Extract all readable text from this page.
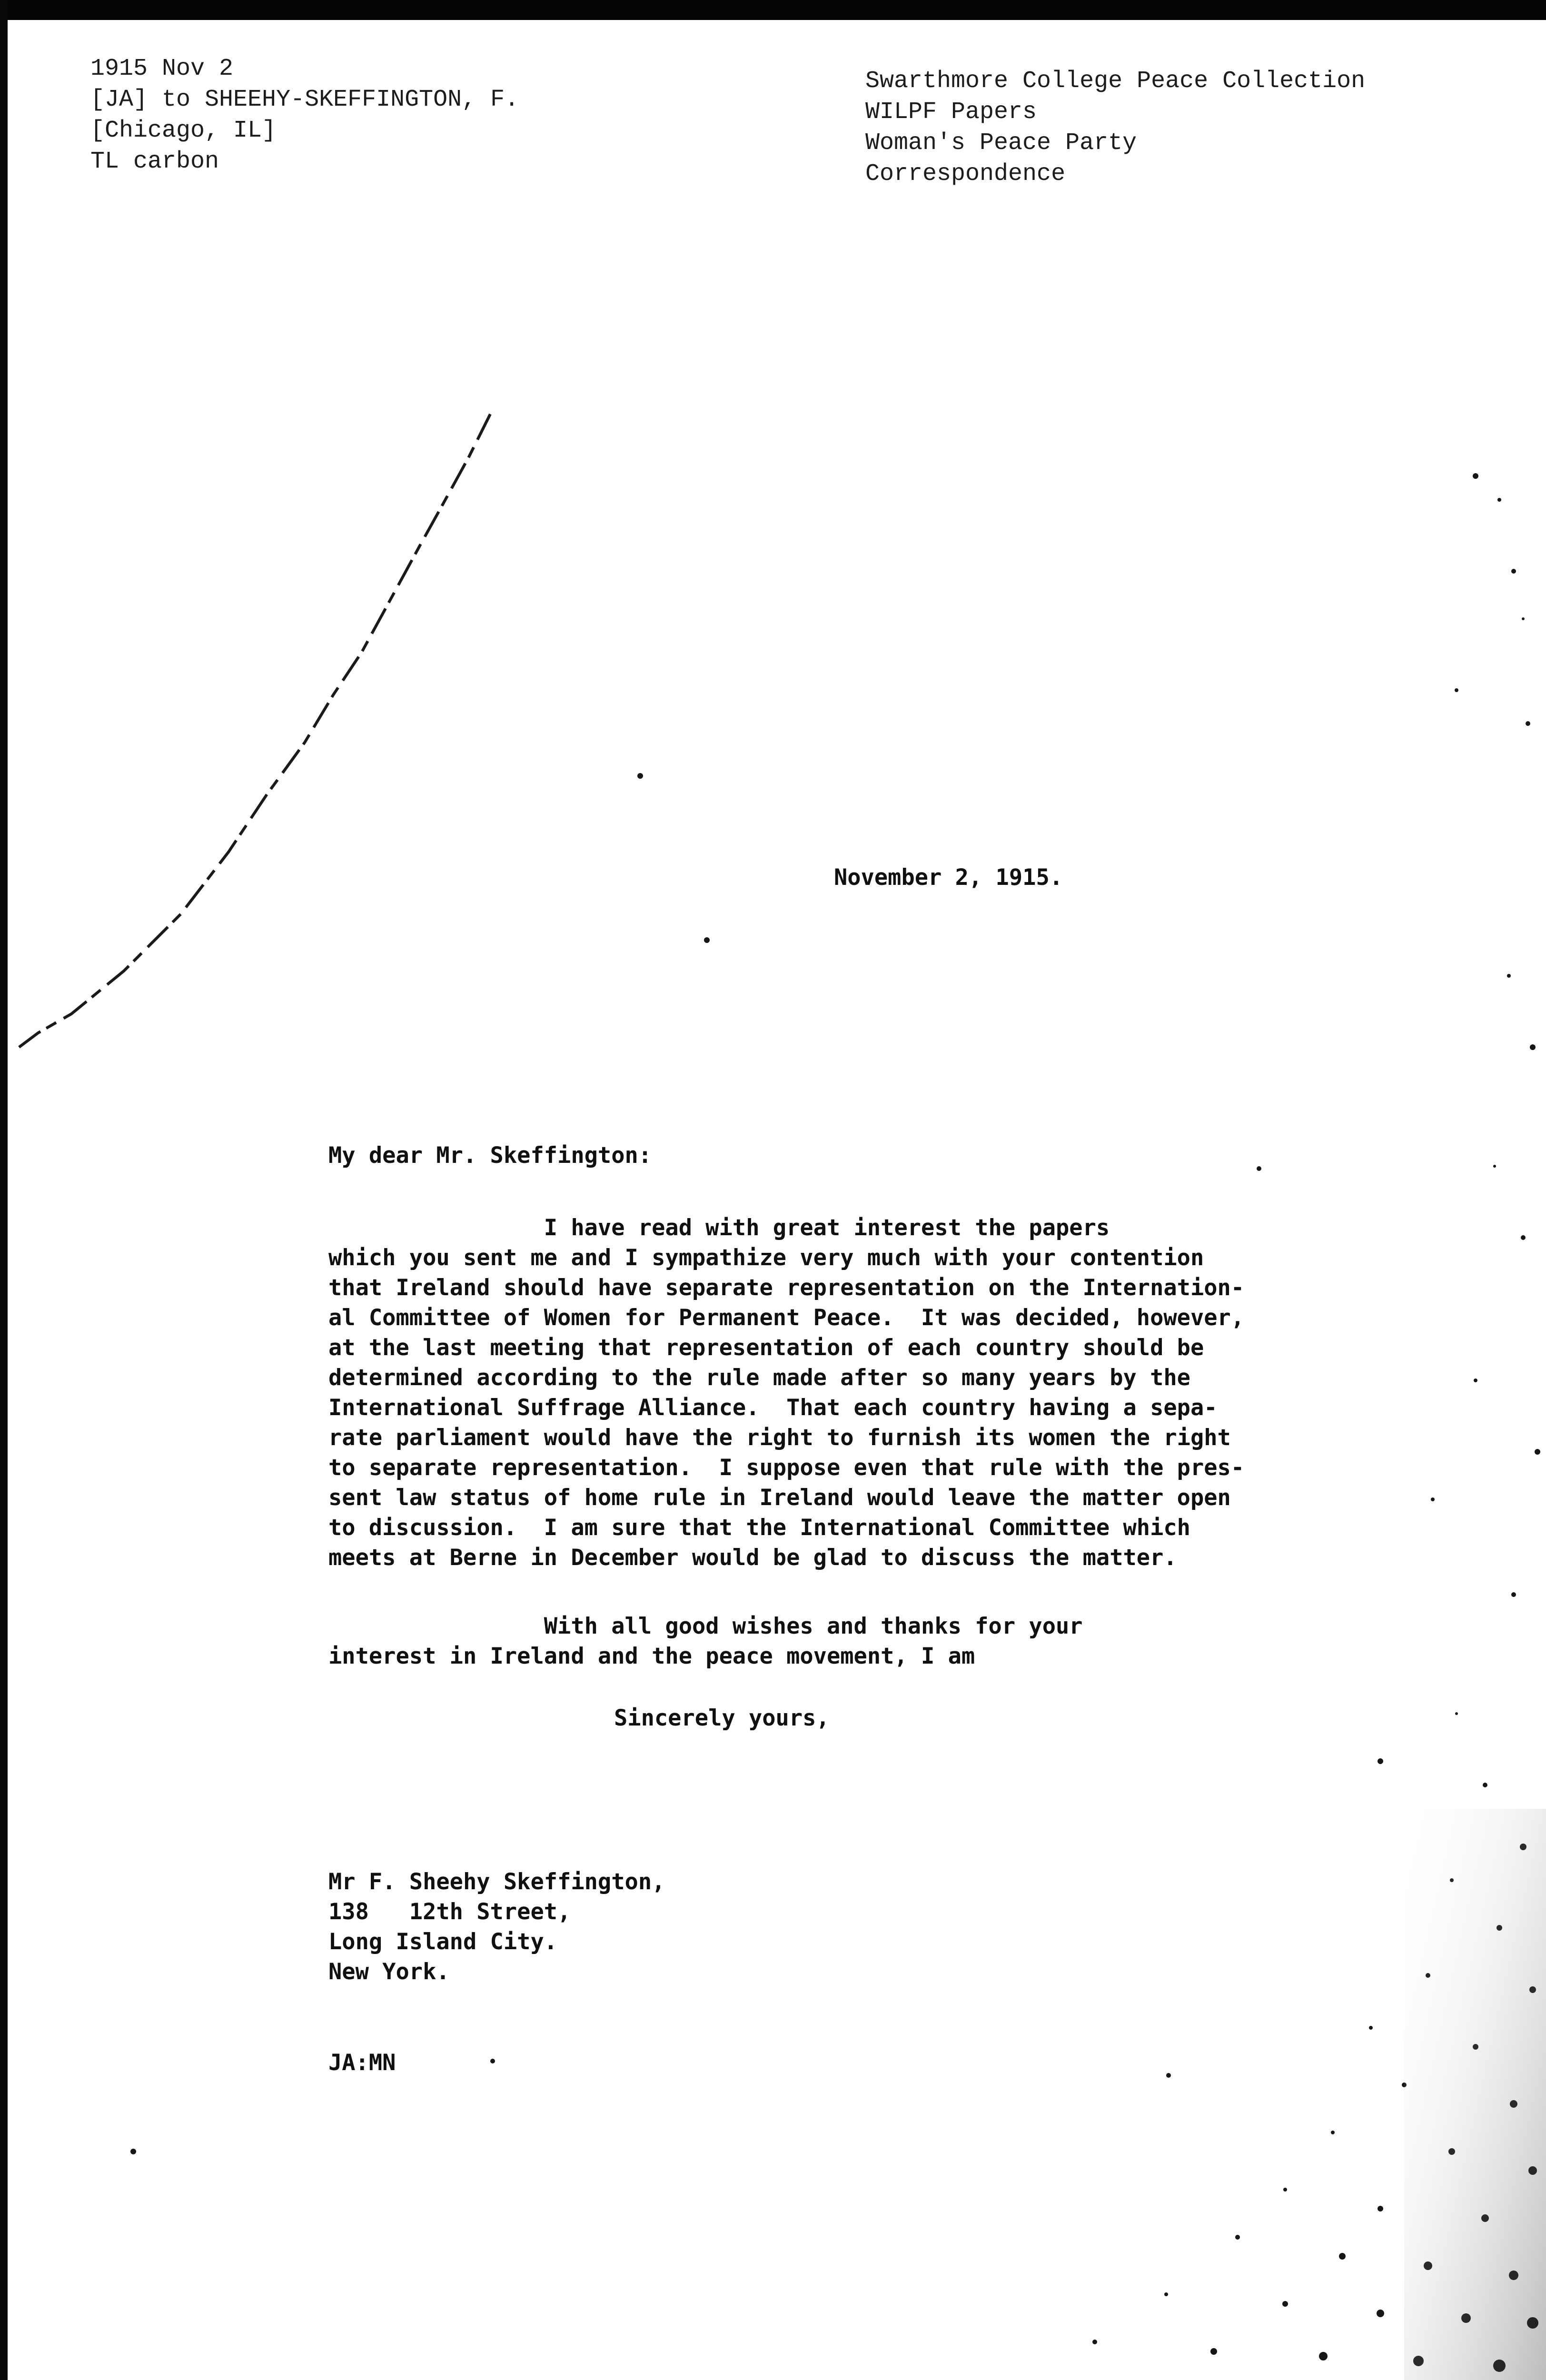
1915 Nov 2
[JA] to SHEEHY-SKEFFINGTON, F.
[Chicago, IL]
TL carbon
Swarthmore College Peace Collection
WILPF Papers
Woman's Peace Party
Correspondence
November 2, 1915.
My dear Mr. Skeffington:
I have read with great interest the papers
which you sent me and I sympathize very much with your contention
that Ireland should have separate representation on the Internation-
al Committee of Women for Permanent Peace.  It was decided, however,
at the last meeting that representation of each country should be
determined according to the rule made after so many years by the
International Suffrage Alliance.  That each country having a sepa-
rate parliament would have the right to furnish its women the right
to separate representation.  I suppose even that rule with the pres-
sent law status of home rule in Ireland would leave the matter open
to discussion.  I am sure that the International Committee which
meets at Berne in December would be glad to discuss the matter.
With all good wishes and thanks for your
interest in Ireland and the peace movement, I am
Sincerely yours,
Mr F. Sheehy Skeffington,
138   12th Street,
Long Island City.
New York.
JA:MN
